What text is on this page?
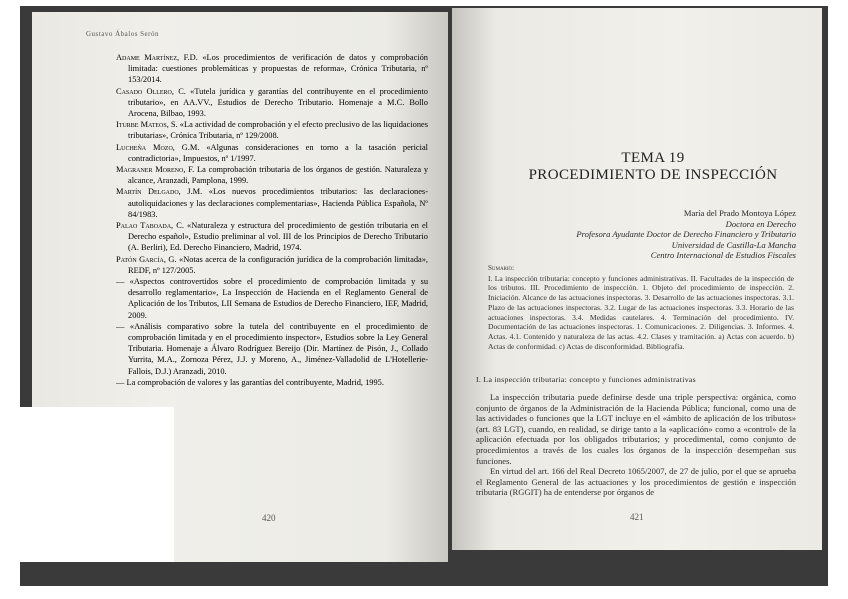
Gustavo Ábalos Serón
Adame Martínez, F.D. «Los procedimientos de verificación de datos y comprobación limitada: cuestiones problemáticas y propuestas de reforma», Crónica Tributaria, nº 153/2014.
Casado Ollero, C. «Tutela jurídica y garantías del contribuyente en el procedimiento tributario», en AA.VV., Estudios de Derecho Tributario. Homenaje a M.C. Bollo Arocena, Bilbao, 1993.
Iturbe Mateos, S. «La actividad de comprobación y el efecto preclusivo de las liquidaciones tributarias», Crónica Tributaria, nº 129/2008.
Lucheña Mozo, G.M. «Algunas consideraciones en torno a la tasación pericial contradictoria», Impuestos, nº 1/1997.
Magraner Moreno, F. La comprobación tributaria de los órganos de gestión. Naturaleza y alcance, Aranzadi, Pamplona, 1999.
Martín Delgado, J.M. «Los nuevos procedimientos tributarios: las declaraciones-autoliquidaciones y las declaraciones complementarias», Hacienda Pública Española, Nº 84/1983.
Palao Taboada, C. «Naturaleza y estructura del procedimiento de gestión tributaria en el Derecho español», Estudio preliminar al vol. III de los Principios de Derecho Tributario (A. Berliri), Ed. Derecho Financiero, Madrid, 1974.
Patón García, G. «Notas acerca de la configuración jurídica de la comprobación limitada», REDF, nº 127/2005.
— «Aspectos controvertidos sobre el procedimiento de comprobación limitada y su desarrollo reglamentario», La Inspección de Hacienda en el Reglamento General de Aplicación de los Tributos, LII Semana de Estudios de Derecho Financiero, IEF, Madrid, 2009.
— «Análisis comparativo sobre la tutela del contribuyente en el procedimiento de comprobación limitada y en el procedimiento inspector», Estudios sobre la Ley General Tributaria. Homenaje a Álvaro Rodríguez Bereijo (Dir. Martínez de Pisón, J., Collado Yurrita, M.A., Zornoza Pérez, J.J. y Moreno, A., Jiménez-Valladolid de L'Hotellerie-Fallois, D.J.) Aranzadi, 2010.
— La comprobación de valores y las garantías del contribuyente, Madrid, 1995.
420
TEMA 19
PROCEDIMIENTO DE INSPECCIÓN
María del Prado Montoya López
Doctora en Derecho
Profesora Ayudante Doctor de Derecho Financiero y Tributario
Universidad de Castilla-La Mancha
Centro Internacional de Estudios Fiscales
Sumario:
I. La inspección tributaria: concepto y funciones administrativas. II. Facultades de la inspección de los tributos. III. Procedimiento de inspección. 1. Objeto del procedimiento de inspección. 2. Iniciación. Alcance de las actuaciones inspectoras. 3. Desarrollo de las actuaciones inspectoras. 3.1. Plazo de las actuaciones inspectoras. 3.2. Lugar de las actuaciones inspectoras. 3.3. Horario de las actuaciones inspectoras. 3.4. Medidas cautelares. 4. Terminación del procedimiento. IV. Documentación de las actuaciones inspectoras. 1. Comunicaciones. 2. Diligencias. 3. Informes. 4. Actas. 4.1. Contenido y naturaleza de las actas. 4.2. Clases y tramitación. a) Actas con acuerdo. b) Actas de conformidad. c) Actas de disconformidad. Bibliografía.
I. La inspección tributaria: concepto y funciones administrativas

La inspección tributaria puede definirse desde una triple perspectiva: orgánica, como conjunto de órganos de la Administración de la Hacienda Pública; funcional, como una de las actividades o funciones que la LGT incluye en el «ámbito de aplicación de los tributos» (art. 83 LGT), cuando, en realidad, se dirige tanto a la «aplicación» como a «control» de la aplicación efectuada por los obligados tributarios; y procedimental, como conjunto de procedimientos a través de los cuales los órganos de la inspección desempeñan sus funciones.

En virtud del art. 166 del Real Decreto 1065/2007, de 27 de julio, por el que se aprueba el Reglamento General de las actuaciones y los procedimientos de gestión e inspección tributaria (RGGIT) ha de entenderse por órganos de

421
